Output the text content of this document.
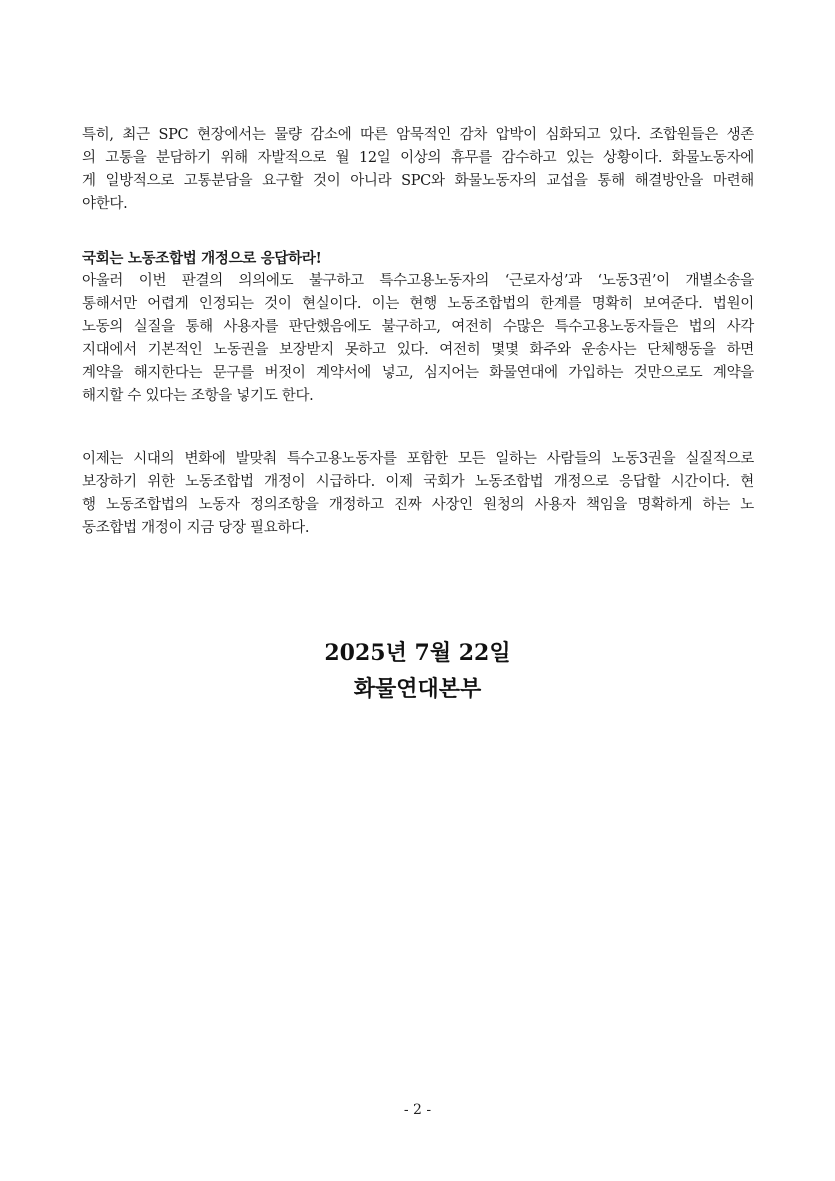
특히, 최근 SPC 현장에서는 물량 감소에 따른 암묵적인 감차 압박이 심화되고 있다. 조합원들은 생존
의 고통을 분담하기 위해 자발적으로 월 12일 이상의 휴무를 감수하고 있는 상황이다. 화물노동자에
게 일방적으로 고통분담을 요구할 것이 아니라 SPC와 화물노동자의 교섭을 통해 해결방안을 마련해
야한다.
국회는 노동조합법 개정으로 응답하라!
아울러 이번 판결의 의의에도 불구하고 특수고용노동자의 ‘근로자성’과 ‘노동3권’이 개별소송을
통해서만 어렵게 인정되는 것이 현실이다. 이는 현행 노동조합법의 한계를 명확히 보여준다. 법원이
노동의 실질을 통해 사용자를 판단했음에도 불구하고, 여전히 수많은 특수고용노동자들은 법의 사각
지대에서 기본적인 노동권을 보장받지 못하고 있다. 여전히 몇몇 화주와 운송사는 단체행동을 하면
계약을 해지한다는 문구를 버젓이 계약서에 넣고, 심지어는 화물연대에 가입하는 것만으로도 계약을
해지할 수 있다는 조항을 넣기도 한다.
이제는 시대의 변화에 발맞춰 특수고용노동자를 포함한 모든 일하는 사람들의 노동3권을 실질적으로
보장하기 위한 노동조합법 개정이 시급하다. 이제 국회가 노동조합법 개정으로 응답할 시간이다. 현
행 노동조합법의 노동자 정의조항을 개정하고 진짜 사장인 원청의 사용자 책임을 명확하게 하는 노
동조합법 개정이 지금 당장 필요하다.
2025년 7월 22일
화물연대본부
- 2 -
